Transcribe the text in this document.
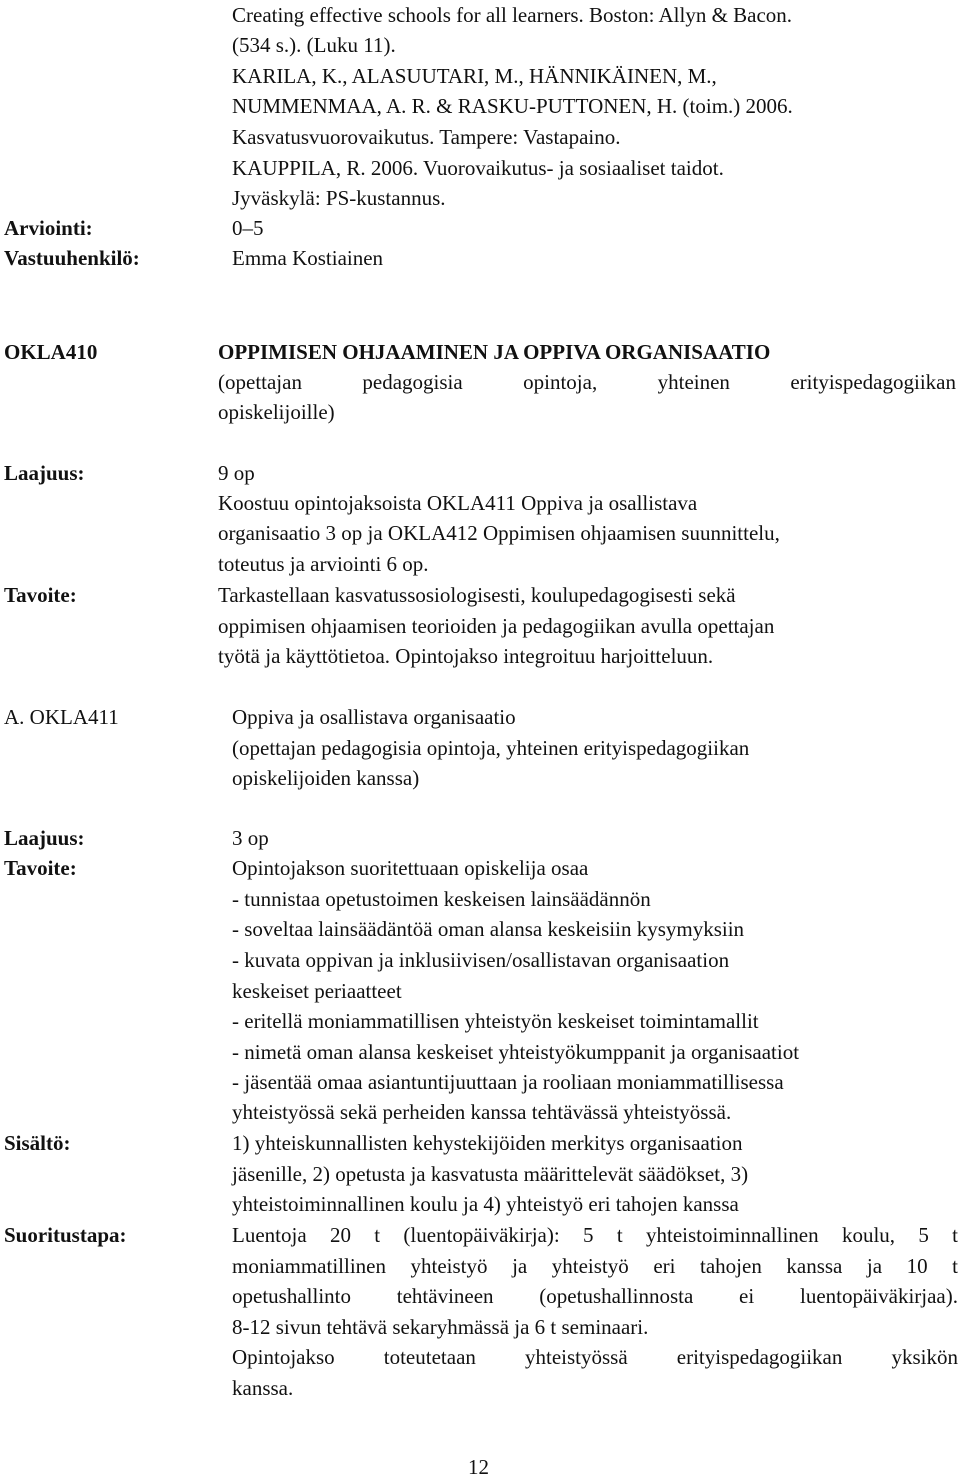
Creating effective schools for all learners. Boston: Allyn & Bacon.
(534 s.). (Luku 11).
KARILA, K., ALASUUTARI, M., HÄNNIKÄINEN, M.,
NUMMENMAA, A. R. & RASKU-PUTTONEN, H. (toim.) 2006.
Kasvatusvuorovaikutus. Tampere: Vastapaino.
KAUPPILA, R. 2006. Vuorovaikutus- ja sosiaaliset taidot.
Jyväskylä: PS-kustannus.
Arviointi:	0–5
Vastuuhenkilö:	Emma Kostiainen
OKLA410	OPPIMISEN OHJAAMINEN JA OPPIVA ORGANISAATIO
(opettajan pedagogisia opintoja, yhteinen erityispedagogiikan
opiskelijoille)
Laajuus:	9 op
Koostuu opintojaksoista OKLA411 Oppiva ja osallistava
organisaatio 3 op ja OKLA412 Oppimisen ohjaamisen suunnittelu,
toteutus ja arviointi 6 op.
Tavoite:	Tarkastellaan kasvatussosiologisesti, koulupedagogisesti sekä
oppimisen ohjaamisen teorioiden ja pedagogiikan avulla opettajan
työtä ja käyttötietoa. Opintojakso integroituu harjoitteluun.
A. OKLA411	Oppiva ja osallistava organisaatio
(opettajan pedagogisia opintoja, yhteinen erityispedagogiikan
opiskelijoiden kanssa)
Laajuus:	3 op
Tavoite:	Opintojakson suoritettuaan opiskelija osaa
- tunnistaa opetustoimen keskeisen lainsäädännön
- soveltaa lainsäädäntöä oman alansa keskeisiin kysymyksiin
- kuvata oppivan ja inklusiivisen/osallistavan organisaation
keskeiset periaatteet
- eritellä moniammatillisen yhteistyön keskeiset toimintamallit
- nimetä oman alansa keskeiset yhteistyökumppanit ja organisaatiot
- jäsentää omaa asiantuntijuuttaan ja rooliaan moniammatillisessa
yhteistyössä sekä perheiden kanssa tehtävässä yhteistyössä.
Sisältö:	1) yhteiskunnallisten kehystekijöiden merkitys organisaation
jäsenille, 2) opetusta ja kasvatusta määrittelevät säädökset, 3)
yhteistoiminnallinen koulu ja 4) yhteistyö eri tahojen kanssa
Suoritustapa:	Luentoja 20 t (luentopäiväkirja): 5 t yhteistoiminnallinen koulu, 5 t
moniammatillinen yhteistyö ja yhteistyö eri tahojen kanssa ja 10 t
opetushallinto tehtävineen (opetushallinnosta ei luentopäiväkirjaa).
8-12 sivun tehtävä sekaryhmässä ja 6 t seminaari.
Opintojakso toteutetaan yhteistyössä erityispedagogiikan yksikön
kanssa.
12
